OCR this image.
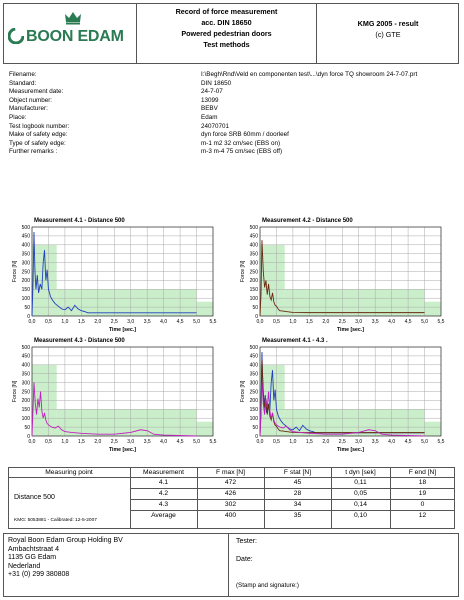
BOON EDAM
Record of force measurement
acc. DIN 18650
Powered pedestrian doors
Test methods
KMG 2005 - result
(c) GTE
Filename:	I:\Begh\Rnd\Veld en componenten test\...\dyn force TQ showroom 24-7-07.prt
Standard:	DIN 18650
Measurement date:	24-7-07
Object number:	13099
Manufacturer:	BEBV
Place:	Edam
Test logbook number:	24070701
Make of safety edge:	dyn force SRB 60mm / doorleef
Type of safety edge:	m-1 m2 32 cm/sec (EBS on)
Further remarks :	m-3 m-4 75 cm/sec (EBS off)
0
50
100
150
200
250
300
350
400
450
500
0,0 0,5 1,0 1,5 2,0 2,5 3,0 3,5 4,0 4,5 5,0 5,5
Time [sec.]
Force [N]
Measurement 4.1 - Distance 500
0
50
100
150
200
250
300
350
400
450
500
0,0 0,5 1,0 1,5 2,0 2,5 3,0 3,5 4,0 4,5 5,0 5,5
Time [sec.]
Force [N]
Measurement 4.2 - Distance 500
0
50
100
150
200
250
300
350
400
450
500
0,0 0,5 1,0 1,5 2,0 2,5 3,0 3,5 4,0 4,5 5,0 5,5
Time [sec.]
Force [N]
Measurement 4.3 - Distance 500
0
50
100
150
200
250
300
350
400
450
500
0,0 0,5 1,0 1,5 2,0 2,5 3,0 3,5 4,0 4,5 5,0 5,5
Time [sec.]
Force [N]
Measurement 4.1 - 4.3 .
Measuring point	Measurement	F max [N]	F stat [N]	t dyn [sek]	F end [N]
Distance 500
KMG: 5053881 - Calibrated: 12-5-2007
4.1	472	45	0,11	18
4.2	426	28	0,05	19
4.3	302	34	0,14	0
Average	400	35	0,10	12
Royal Boon Edam Group Holding BV
Ambachtstraat 4
1135 GG Edam
Nederland
+31 (0) 299 380808
Tester:
Date:
(Stamp and signature:)
